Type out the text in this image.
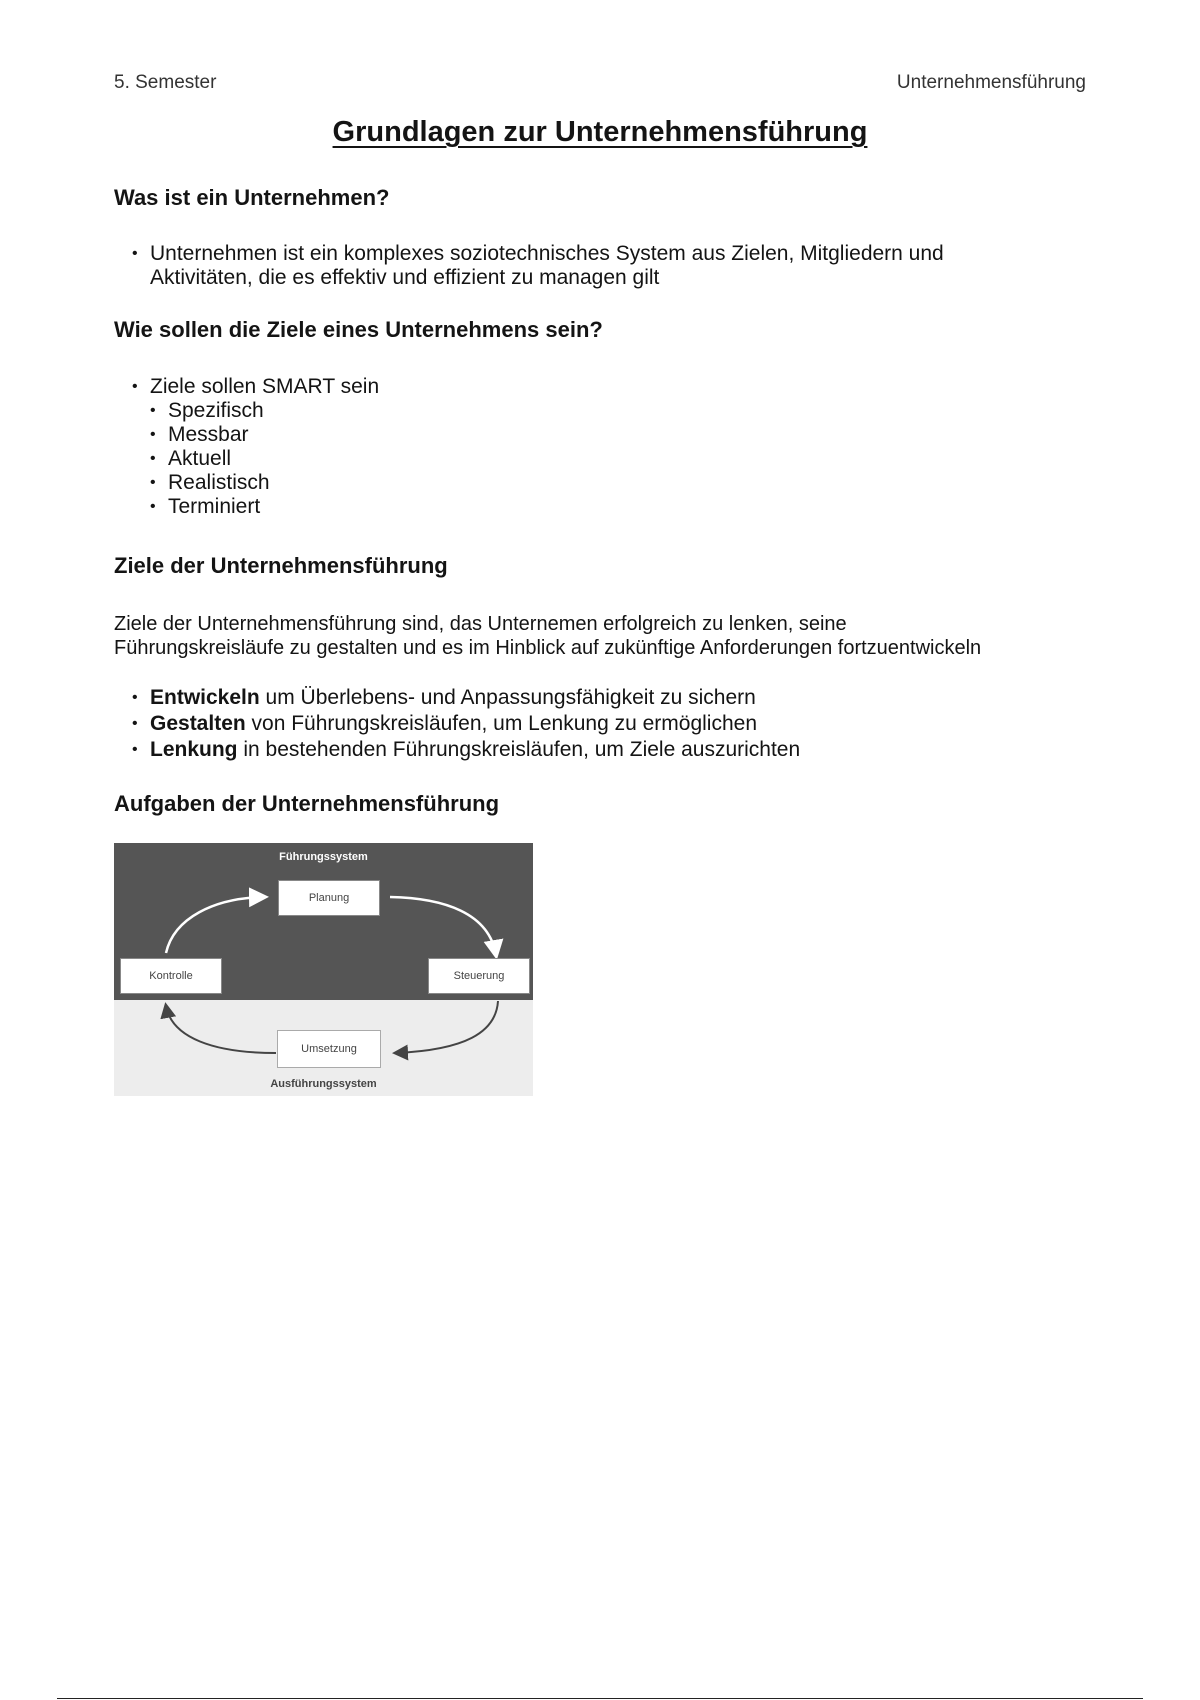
5. Semester	Unternehmensführung
Grundlagen zur Unternehmensführung
Was ist ein Unternehmen?
• Unternehmen ist ein komplexes soziotechnisches System aus Zielen, Mitgliedern und
Aktivitäten, die es effektiv und effizient zu managen gilt
Wie sollen die Ziele eines Unternehmens sein?
• Ziele sollen SMART sein
• Spezifisch
• Messbar
• Aktuell
• Realistisch
• Terminiert
Ziele der Unternehmensführung

Ziele der Unternehmensführung sind, das Unternemen erfolgreich zu lenken, seine
Führungskreisläufe zu gestalten und es im Hinblick auf zukünftige Anforderungen fortzuentwickeln

• Entwickeln um Überlebens- und Anpassungsfähigkeit zu sichern
• Gestalten von Führungskreisläufen, um Lenkung zu ermöglichen
• Lenkung in bestehenden Führungskreisläufen, um Ziele auszurichten
Aufgaben der Unternehmensführung
Führungssystem
Planung
Kontrolle	Steuerung
Umsetzung
Ausführungssystem
